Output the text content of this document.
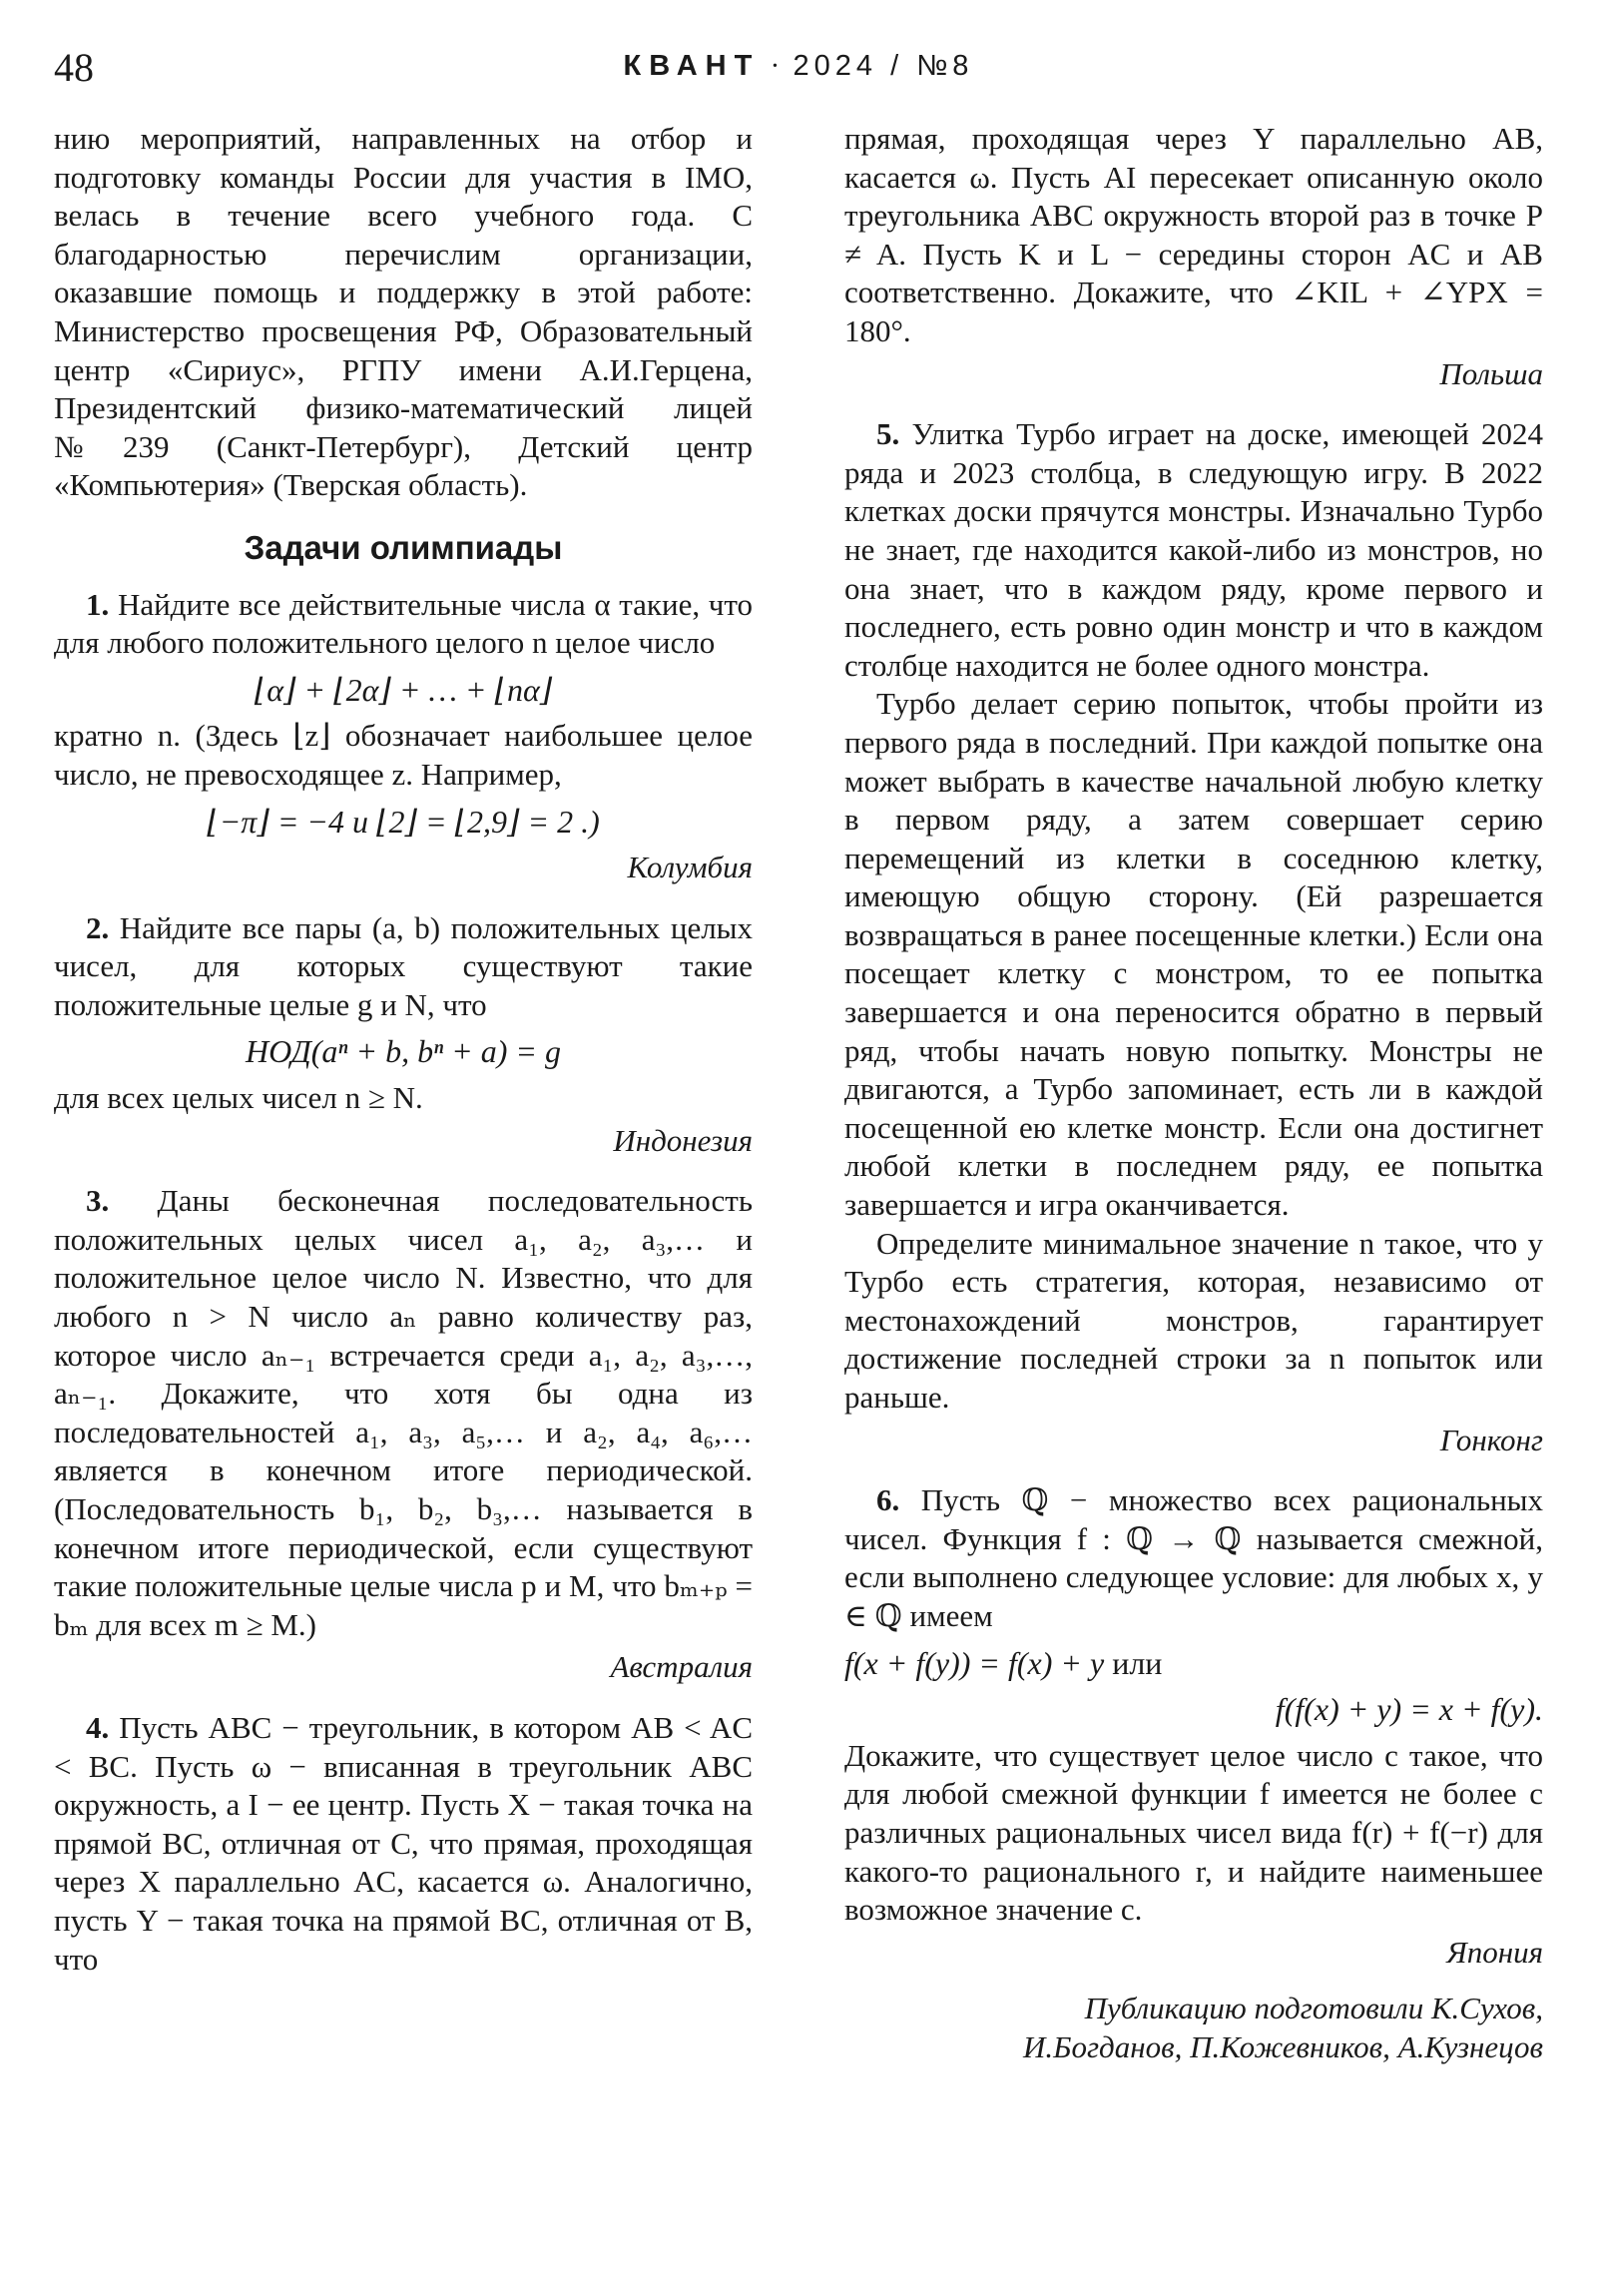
48	КВАНТ · 2024 / №8

нию мероприятий, направленных на отбор и подготовку команды России для участия в IMO, велась в течение всего учебного года. С благодарностью перечислим организации, оказавшие помощь и поддержку в этой работе: Министерство просвещения РФ, Образовательный центр «Сириус», РГПУ имени А.И.Герцена, Президентский физико-математический лицей №239 (Санкт-Петербург), Детский центр «Компьютерия» (Тверская область).

Задачи олимпиады

1. Найдите все действительные числа α такие, что для любого положительного целого n целое число

⌊α⌋ + ⌊2α⌋ + … + ⌊nα⌋

кратно n. (Здесь ⌊z⌋ обозначает наибольшее целое число, не превосходящее z. Например,

⌊−π⌋ = −4 и ⌊2⌋ = ⌊2,9⌋ = 2 .)

Колумбия

2. Найдите все пары (a, b) положительных целых чисел, для которых существуют такие положительные целые g и N, что

НОД(aⁿ + b, bⁿ + a) = g

для всех целых чисел n ≥ N.

Индонезия

3. Даны бесконечная последовательность положительных целых чисел a₁, a₂, a₃,… и положительное целое число N. Известно, что для любого n > N число aₙ равно количеству раз, которое число aₙ₋₁ встречается среди a₁, a₂, a₃,…, aₙ₋₁. Докажите, что хотя бы одна из последовательностей a₁, a₃, a₅,… и a₂, a₄, a₆,… является в конечном итоге периодической. (Последовательность b₁, b₂, b₃,… называется в конечном итоге периодической, если существуют такие положительные целые числа p и M, что bₘ₊ₚ = bₘ для всех m ≥ M.)

Австралия

4. Пусть ABC − треугольник, в котором AB < AC < BC. Пусть ω − вписанная в треугольник ABC окружность, а I − ее центр. Пусть X − такая точка на прямой BC, отличная от C, что прямая, проходящая через X параллельно AC, касается ω. Аналогично, пусть Y − такая точка на прямой BC, отличная от B, что

прямая, проходящая через Y параллельно AB, касается ω. Пусть AI пересекает описанную около треугольника ABC окружность второй раз в точке P ≠ A. Пусть K и L − середины сторон AC и AB соответственно. Докажите, что ∠KIL + ∠YPX = 180°.

Польша

5. Улитка Турбо играет на доске, имеющей 2024 ряда и 2023 столбца, в следующую игру. В 2022 клетках доски прячутся монстры. Изначально Турбо не знает, где находится какой-либо из монстров, но она знает, что в каждом ряду, кроме первого и последнего, есть ровно один монстр и что в каждом столбце находится не более одного монстра.

Турбо делает серию попыток, чтобы пройти из первого ряда в последний. При каждой попытке она может выбрать в качестве начальной любую клетку в первом ряду, а затем совершает серию перемещений из клетки в соседнюю клетку, имеющую общую сторону. (Ей разрешается возвращаться в ранее посещенные клетки.) Если она посещает клетку с монстром, то ее попытка завершается и она переносится обратно в первый ряд, чтобы начать новую попытку. Монстры не двигаются, а Турбо запоминает, есть ли в каждой посещенной ею клетке монстр. Если она достигнет любой клетки в последнем ряду, ее попытка завершается и игра оканчивается.

Определите минимальное значение n такое, что у Турбо есть стратегия, которая, независимо от местонахождений монстров, гарантирует достижение последней строки за n попыток или раньше.

Гонконг

6. Пусть ℚ − множество всех рациональных чисел. Функция f : ℚ → ℚ называется смежной, если выполнено следующее условие: для любых x, y ∈ ℚ имеем

f(x + f(y)) = f(x) + y или
f(f(x) + y) = x + f(y).

Докажите, что существует целое число c такое, что для любой смежной функции f имеется не более c различных рациональных чисел вида f(r) + f(−r) для какого-то рационального r, и найдите наименьшее возможное значение c.

Япония

Публикацию подготовили К.Сухов,
И.Богданов, П.Кожевников, А.Кузнецов
